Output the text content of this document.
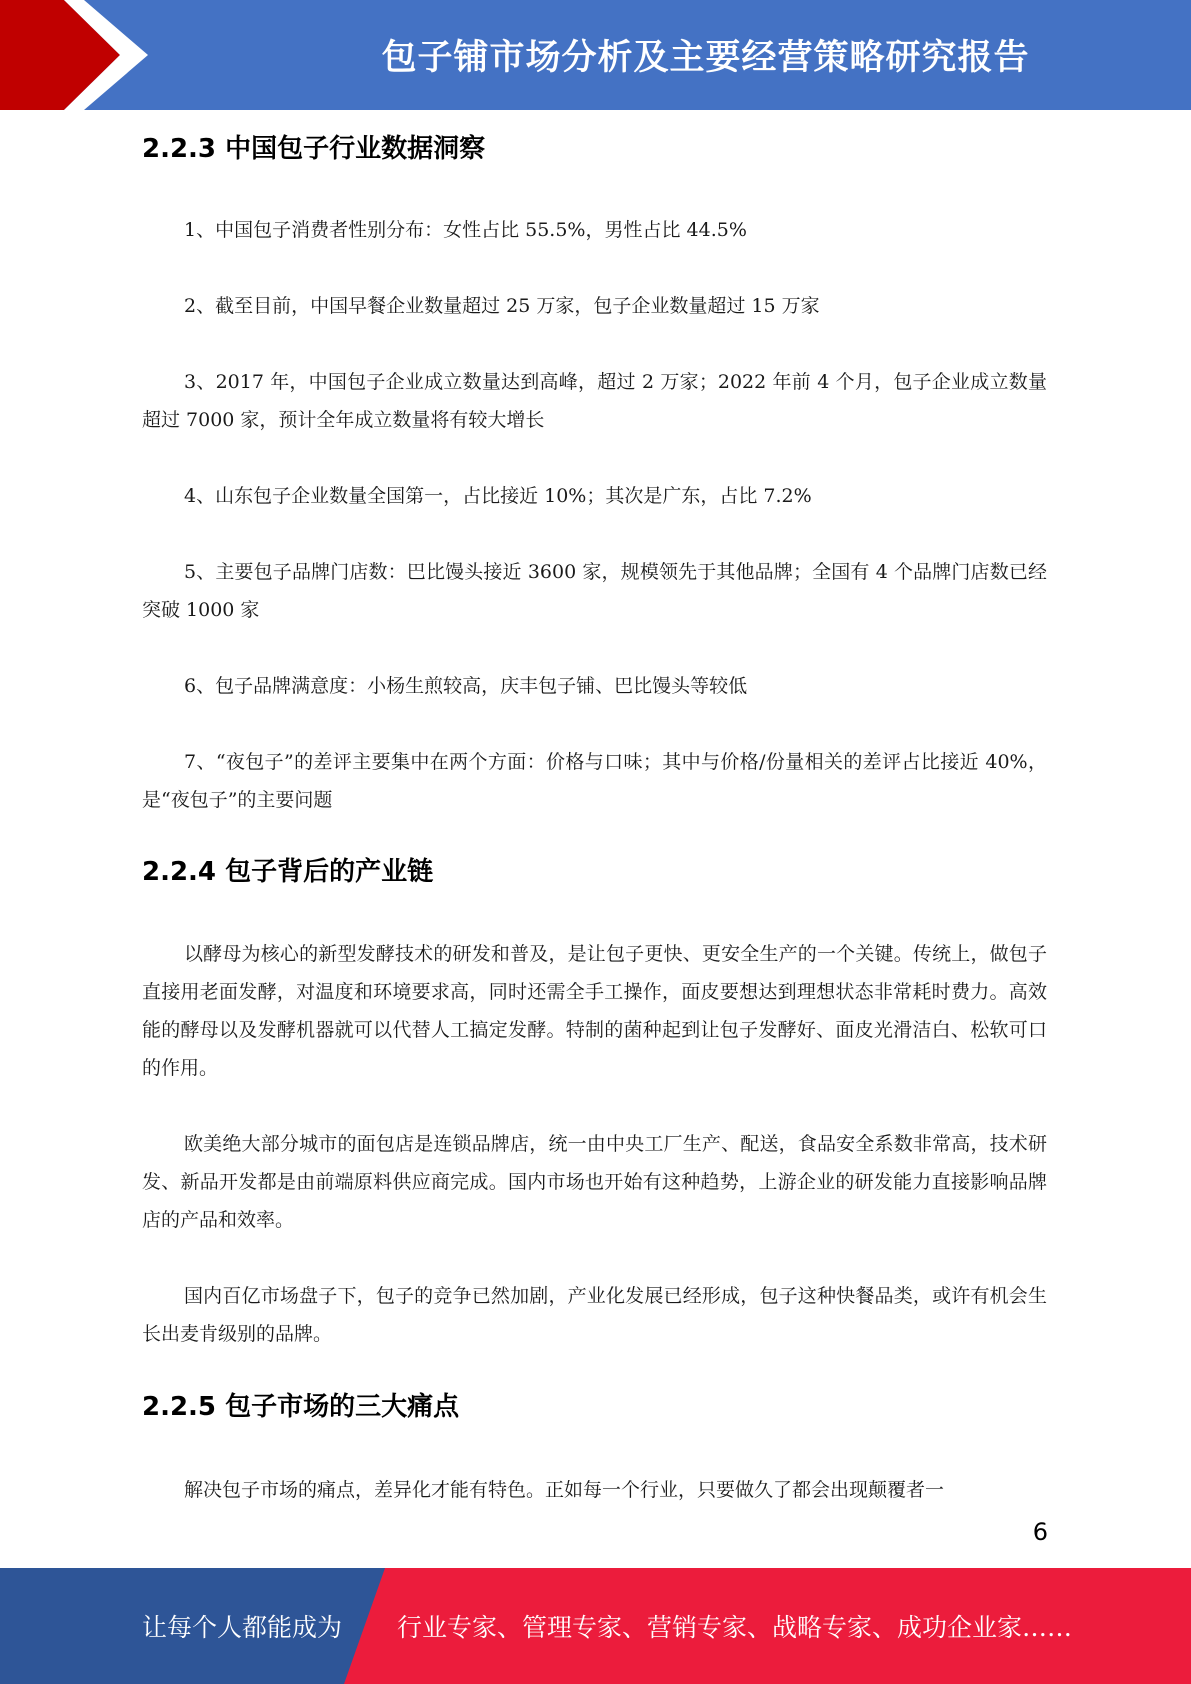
包子铺市场分析及主要经营策略研究报告
2.2.3 中国包子行业数据洞察

1、中国包子消费者性别分布：女性占比 55.5%，男性占比 44.5%

2、截至目前，中国早餐企业数量超过 25 万家，包子企业数量超过 15 万家

3、2017 年，中国包子企业成立数量达到高峰，超过 2 万家；2022 年前 4 个月，包子企业成立数量超过 7000 家，预计全年成立数量将有较大增长

4、山东包子企业数量全国第一，占比接近 10%；其次是广东，占比 7.2%

5、主要包子品牌门店数：巴比馒头接近 3600 家，规模领先于其他品牌；全国有 4 个品牌门店数已经突破 1000 家

6、包子品牌满意度：小杨生煎较高，庆丰包子铺、巴比馒头等较低

7、“夜包子”的差评主要集中在两个方面：价格与口味；其中与价格/份量相关的差评占比接近 40%，是“夜包子”的主要问题

2.2.4 包子背后的产业链

以酵母为核心的新型发酵技术的研发和普及，是让包子更快、更安全生产的一个关键。传统上，做包子直接用老面发酵，对温度和环境要求高，同时还需全手工操作，面皮要想达到理想状态非常耗时费力。高效能的酵母以及发酵机器就可以代替人工搞定发酵。特制的菌种起到让包子发酵好、面皮光滑洁白、松软可口的作用。

欧美绝大部分城市的面包店是连锁品牌店，统一由中央工厂生产、配送，食品安全系数非常高，技术研发、新品开发都是由前端原料供应商完成。国内市场也开始有这种趋势，上游企业的研发能力直接影响品牌店的产品和效率。

国内百亿市场盘子下，包子的竞争已然加剧，产业化发展已经形成，包子这种快餐品类，或许有机会生长出麦肯级别的品牌。

2.2.5 包子市场的三大痛点

解决包子市场的痛点，差异化才能有特色。正如每一个行业，只要做久了都会出现颠覆者一

6
让每个人都能成为 行业专家、管理专家、营销专家、战略专家、成功企业家……
